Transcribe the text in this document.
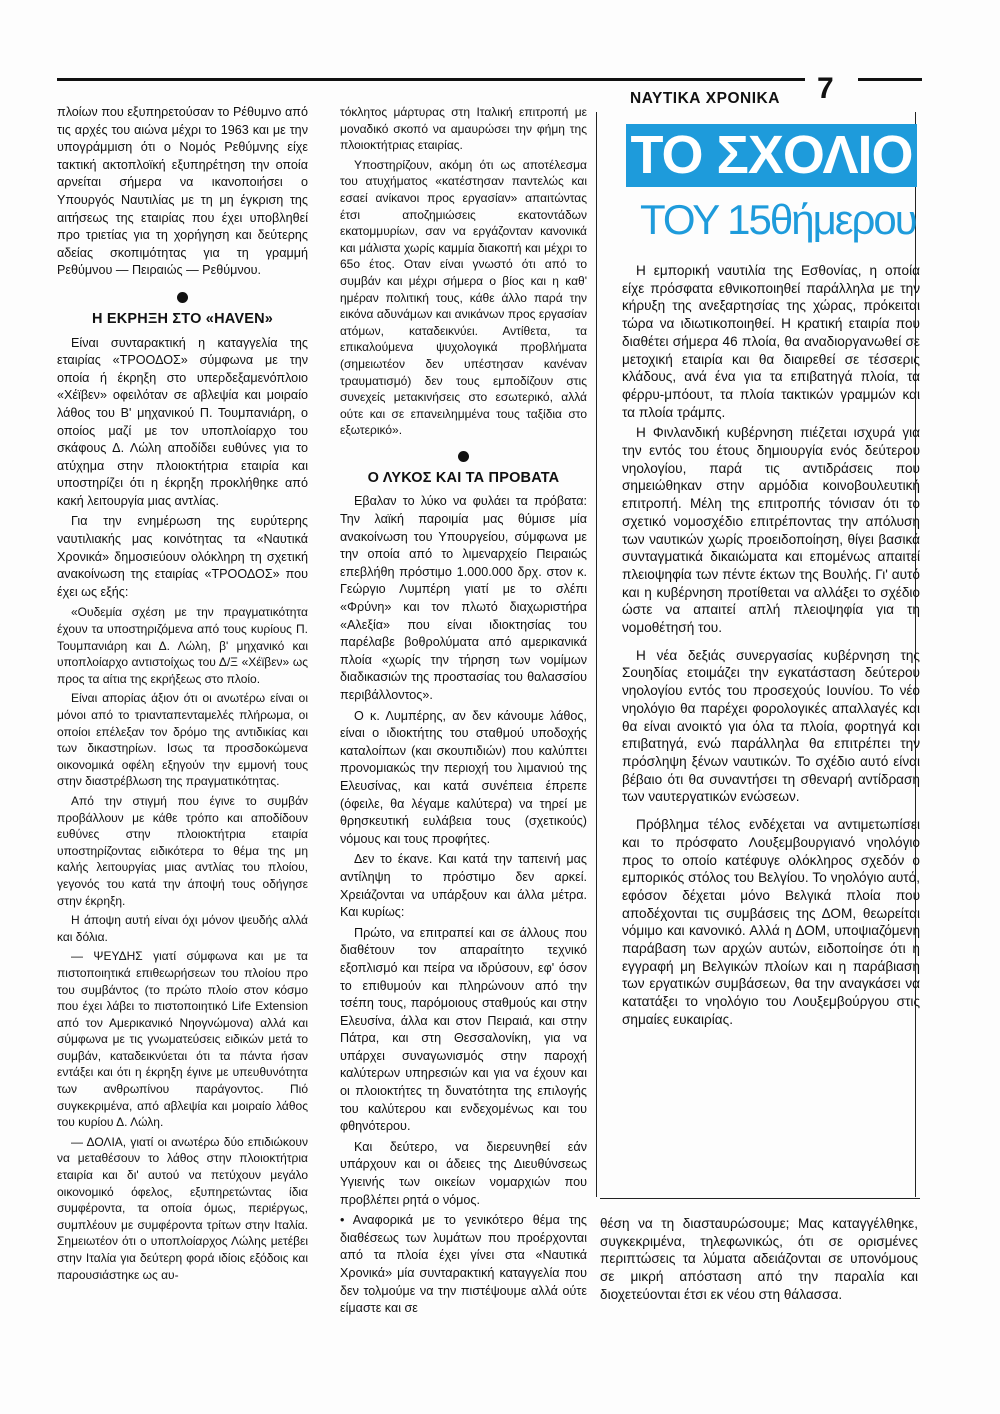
ΝΑΥΤΙΚΑ ΧΡΟΝΙΚΑ 7

πλοίων που εξυπηρετούσαν το Ρέθυμνο από τις αρχές του αιώνα μέχρι το 1963 και με την υπογράμμιση ότι ο Νομός Ρεθύμνης είχε τακτική ακτοπλοϊκή εξυπηρέτηση την οποία αρνείται σήμερα να ικανοποιήσει ο Υπουργός Ναυτιλίας με τη μη έγκριση της αιτήσεως της εταιρίας που έχει υποβληθεί προ τριετίας για τη χορήγηση και δεύτερης αδείας σκοπιμότητας για τη γραμμή Ρεθύμνου — Πειραιώς — Ρεθύμνου.

Η ΕΚΡΗΞΗ ΣΤΟ «HAVEN»

Είναι συνταρακτική η καταγγελία της εταιρίας «ΤΡΟΟΔΟΣ» σύμφωνα με την οποία ή έκρηξη στο υπερδεξαμενόπλοιο «Χέϊβεν» οφειλόταν σε αβλεψία και μοιραίο λάθος του Β' μηχανικού Π. Τουμπανιάρη, ο οποίος μαζί με τον υποπλοίαρχο του σκάφους Δ. Λώλη αποδίδει ευθύνες για το ατύχημα στην πλοιοκτήτρια εταιρία και υποστηρίζει ότι η έκρηξη προκλήθηκε από κακή λειτουργία μιας αντλίας.

Για την ενημέρωση της ευρύτερης ναυτιλιακής μας κοινότητας τα «Ναυτικά Χρονικά» δημοσιεύουν ολόκληρη τη σχετική ανακοίνωση της εταιρίας «ΤΡΟΟΔΟΣ» που έχει ως εξής:

«Ουδεμία σχέση με την πραγματικότητα έχουν τα υποστηριζόμενα από τους κυρίους Π. Τουμπανιάρη και Δ. Λώλη, β' μηχανικό και υποπλοίαρχο αντιστοίχως του Δ/Ξ «Χέϊβεν» ως προς τα αίτια της εκρήξεως στο πλοίο.

Είναι απορίας άξιον ότι οι ανωτέρω είναι οι μόνοι από το τριανταπενταμελές πλήρωμα, οι οποίοι επέλεξαν τον δρόμο της αντιδικίας και των δικαστηρίων. Ισως τα προσδοκώμενα οικονομικά οφέλη εξηγούν την εμμονή τους στην διαστρέβλωση της πραγματικότητας.

Από την στιγμή που έγινε το συμβάν προβάλλουν με κάθε τρόπο και αποδίδουν ευθύνες στην πλοιοκτήτρια εταιρία υποστηρίζοντας ειδικότερα το θέμα της μη καλής λειτουργίας μιας αντλίας του πλοίου, γεγονός του κατά την άποψή τους οδήγησε στην έκρηξη.

Η άποψη αυτή είναι όχι μόνον ψευδής αλλά και δόλια.

— ΨΕΥΔΗΣ γιατί σύμφωνα και με τα πιστοποιητικά επιθεωρήσεων του πλοίου προ του συμβάντος (το πρώτο πλοίο στον κόσμο που έχει λάβει το πιστοποιητικό Life Extension από τον Αμερικανικό Νηογνώμονα) αλλά και σύμφωνα με τις γνωματεύσεις ειδικών μετά το συμβάν, καταδεικνύεται ότι τα πάντα ήσαν εντάξει και ότι η έκρηξη έγινε με υπευθυνότητα των ανθρωπίνου παράγοντος. Πιό συγκεκριμένα, από αβλεψία και μοιραίο λάθος του κυρίου Δ. Λώλη.

— ΔΟΛΙΑ, γιατί οι ανωτέρω δύο επιδιώκουν να μεταθέσουν το λάθος στην πλοιοκτήτρια εταιρία και δι' αυτού να πετύχουν μεγάλο οικονομικό όφελος, εξυπηρετώντας ίδια συμφέροντα, τα οποία όμως, περιέργως, συμπλέουν με συμφέροντα τρίτων στην Ιταλία. Σημειωτέον ότι ο υποπλοίαρχος Λώλης μετέβει στην Ιταλία για δεύτερη φορά ιδίοις εξόδοις και παρουσιάστηκε ως αυ-

τόκλητος μάρτυρας στη Ιταλική επιτροπή με μοναδικό σκοπό να αμαυρώσει την φήμη της πλοιοκτήτριας εταιρίας.

Υποστηρίζουν, ακόμη ότι ως αποτέλεσμα του ατυχήματος «κατέστησαν παντελώς και εσαεί ανίκανοι προς εργασίαν» απαιτώντας έτσι αποζημιώσεις εκατοντάδων εκατομμυρίων, σαν να εργάζονταν κανονικά και μάλιστα χωρίς καμμία διακοπή και μέχρι το 65ο έτος. Οταν είναι γνωστό ότι από το συμβάν και μέχρι σήμερα ο βίος και η καθ' ημέραν πολιτική τους, κάθε άλλο παρά την εικόνα αδυνάμων και ανικάνων προς εργασίαν ατόμων, καταδεικνύει. Αντίθετα, τα επικαλούμενα ψυχολογικά προβλήματα (σημειωτέον δεν υπέστησαν κανέναν τραυματισμό) δεν τους εμποδίζουν στις συνεχείς μετακινήσεις στο εσωτερικό, αλλά ούτε και σε επανειλημμένα τους ταξίδια στο εξωτερικό».

Ο ΛΥΚΟΣ ΚΑΙ ΤΑ ΠΡΟΒΑΤΑ

Εβαλαν το λύκο να φυλάει τα πρόβατα: Την λαϊκή παροιμία μας θύμισε μία ανακοίνωση του Υπουργείου, σύμφωνα με την οποία από το λιμεναρχείο Πειραιώς επεβλήθη πρόστιμο 1.000.000 δρχ. στον κ. Γεώργιο Λυμπέρη γιατί με το σλέπι «Φρύνη» και τον πλωτό διαχωριστήρα «Αλεξία» που είναι ιδιοκτησίας του παρέλαβε βοθρολύματα από αμερικανικά πλοία «χωρίς την τήρηση των νομίμων διαδικασιών της προστασίας του θαλασσίου περιβάλλοντος».

Ο κ. Λυμπέρης, αν δεν κάνουμε λάθος, είναι ο ιδιοκτήτης του σταθμού υποδοχής καταλοίπων (και σκουπιδιών) που καλύπτει προνομιακώς την περιοχή του λιμανιού της Ελευσίνας, και κατά συνέπεια έπρεπε (όφειλε, θα λέγαμε καλύτερα) να τηρεί με θρησκευτική ευλάβεια τους (σχετικούς) νόμους και τους προφήτες.

Δεν το έκανε. Και κατά την ταπεινή μας αντίληψη το πρόστιμο δεν αρκεί. Χρειάζονται να υπάρξουν και άλλα μέτρα. Και κυρίως:

Πρώτο, να επιτραπεί και σε άλλους που διαθέτουν τον απαραίτητο τεχνικό εξοπλισμό και πείρα να ιδρύσουν, εφ' όσον το επιθυμούν και πληρώνουν από την τσέπη τους, παρόμοιους σταθμούς και στην Ελευσίνα, άλλα και στον Πειραιά, και στην Πάτρα, και στη Θεσσαλονίκη, για να υπάρχει συναγωνισμός στην παροχή καλύτερων υπηρεσιών και για να έχουν και οι πλοιοκτήτες τη δυνατότητα της επιλογής του καλύτερου και ενδεχομένως και του φθηνότερου.

Και δεύτερο, να διερευνηθεί εάν υπάρχουν και οι άδειες της Διευθύνσεως Υγιεινής των οικείων νομαρχιών που προβλέπει ρητά ο νόμος.

• Αναφορικά με το γενικότερο θέμα της διαθέσεως των λυμάτων που προέρχονται από τα πλοία έχει γίνει στα «Ναυτικά Χρονικά» μία συνταρακτική καταγγελία που δεν τολμούμε να την πιστέψουμε αλλά ούτε είμαστε και σε

ΤΟ ΣΧΟΛΙΟ
ΤΟΥ 15θήμερου

Η εμπορική ναυτιλία της Εσθονίας, η οποία είχε πρόσφατα εθνικοποιηθεί παράλληλα με την κήρυξη της ανεξαρτησίας της χώρας, πρόκειται τώρα να ιδιωτικοποιηθεί. Η κρατική εταιρία που διαθέτει σήμερα 46 πλοία, θα αναδιοργανωθεί σε μετοχική εταιρία και θα διαιρεθεί σε τέσσερις κλάδους, ανά ένα για τα επιβατηγά πλοία, τα φέρρυ-μπόουτ, τα πλοία τακτικών γραμμών και τα πλοία τράμπς.

Η Φινλανδική κυβέρνηση πιέζεται ισχυρά για την εντός του έτους δημιουργία ενός δεύτερου νηολογίου, παρά τις αντιδράσεις που σημειώθηκαν στην αρμόδια κοινοβουλευτική επιτροπή. Μέλη της επιτροπής τόνισαν ότι το σχετικό νομοσχέδιο επιτρέποντας την απόλυση των ναυτικών χωρίς προειδοποίηση, θίγει βασικά συνταγματικά δικαιώματα και επομένως απαιτεί πλειοψηφία των πέντε έκτων της Βουλής. Γι' αυτό και η κυβέρνηση προτίθεται να αλλάξει το σχέδιο ώστε να απαιτεί απλή πλειοψηφία για τη νομοθέτησή του.

Η νέα δεξιάς συνεργασίας κυβέρνηση της Σουηδίας ετοιμάζει την εγκατάσταση δεύτερου νηολογίου εντός του προσεχούς Ιουνίου. Το νέο νηολόγιο θα παρέχει φορολογικές απαλλαγές και θα είναι ανοικτό για όλα τα πλοία, φορτηγά και επιβατηγά, ενώ παράλληλα θα επιτρέπει την πρόσληψη ξένων ναυτικών. Το σχέδιο αυτό είναι βέβαιο ότι θα συναντήσει τη σθεναρή αντίδραση των ναυτεργατικών ενώσεων.

Πρόβλημα τέλος ενδέχεται να αντιμετωπίσει και το πρόσφατο Λουξεμβουργιανό νηολόγιο προς το οποίο κατέφυγε ολόκληρος σχεδόν ο εμπορικός στόλος του Βελγίου. Το νηολόγιο αυτό, εφόσον δέχεται μόνο Βελγικά πλοία που αποδέχονται τις συμβάσεις της ΔΟΜ, θεωρείται νόμιμο και κανονικό. Αλλά η ΔΟΜ, υποψιαζόμενη παράβαση των αρχών αυτών, ειδοποίησε ότι η εγγραφή μη Βελγικών πλοίων και η παράβιαση των εργατικών συμβάσεων, θα την αναγκάσει να κατατάξει το νηολόγιο του Λουξεμβούργου στις σημαίες ευκαιρίας.

θέση να τη διασταυρώσουμε; Μας καταγγέλθηκε, συγκεκριμένα, τηλεφωνικώς, ότι σε ορισμένες περιπτώσεις τα λύματα αδειάζονται σε υπονόμους σε μικρή απόσταση από την παραλία και διοχετεύονται έτσι εκ νέου στη θάλασσα.
